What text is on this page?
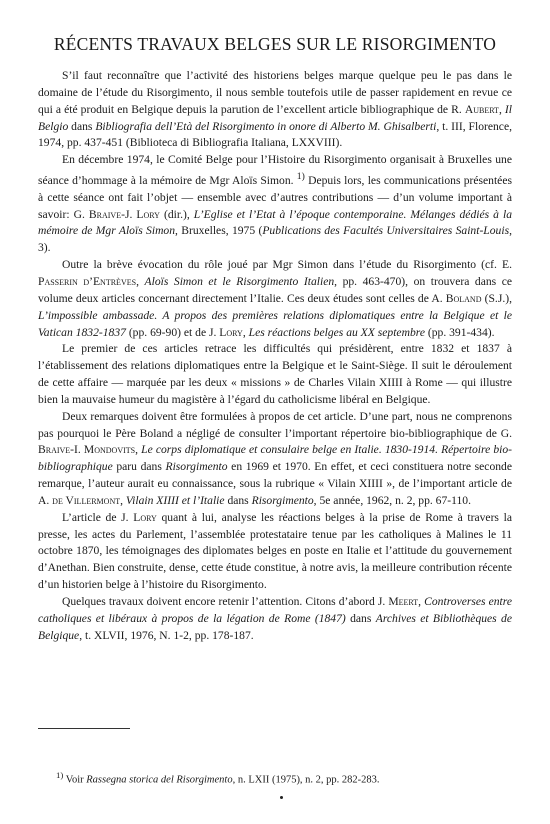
RÉCENTS TRAVAUX BELGES SUR LE RISORGIMENTO

S’il faut reconnaître que l’activité des historiens belges marque quelque peu le pas dans le domaine de l’étude du Risorgimento, il nous semble toutefois utile de passer rapidement en revue ce qui a été produit en Belgique depuis la parution de l’excellent article bibliographique de R. Aubert, Il Belgio dans Bibliografia dell’Età del Risorgimento in onore di Alberto M. Ghisalberti, t. III, Florence, 1974, pp. 437-451 (Biblioteca di Bibliografia Italiana, LXXVIII).

En décembre 1974, le Comité Belge pour l’Histoire du Risorgimento organisait à Bruxelles une séance d’hommage à la mémoire de Mgr Aloïs Simon. $^{1)}$ Depuis lors, les communications présentées à cette séance ont fait l’objet — ensemble avec d’autres contributions — d’un volume important à savoir: G. Braive-J. Lory (dir.), L’Eglise et l’Etat à l’époque contemporaine. Mélanges dédiés à la mémoire de Mgr Aloïs Simon, Bruxelles, 1975 (Publications des Facultés Universitaires Saint-Louis, 3).

Outre la brève évocation du rôle joué par Mgr Simon dans l’étude du Risorgimento (cf. E. Passerin d’Entrèves, Aloïs Simon et le Risorgimento Italien, pp. 463-470), on trouvera dans ce volume deux articles concernant directement l’Italie. Ces deux études sont celles de A. Boland (S.J.), L’impossible ambassade. A propos des premières relations diplomatiques entre la Belgique et le Vatican 1832-1837 (pp. 69-90) et de J. Lory, Les réactions belges au XX septembre (pp. 391-434).

Le premier de ces articles retrace les difficultés qui présidèrent, entre 1832 et 1837 à l’établissement des relations diplomatiques entre la Belgique et le Saint-Siège. Il suit le déroulement de cette affaire — marquée par les deux « missions » de Charles Vilain XIIII à Rome — qui illustre bien la mauvaise humeur du magistère à l’égard du catholicisme libéral en Belgique.

Deux remarques doivent être formulées à propos de cet article. D’une part, nous ne comprenons pas pourquoi le Père Boland a négligé de consulter l’important répertoire bio-bibliographique de G. Braive-I. Mondovits, Le corps diplomatique et consulaire belge en Italie. 1830-1914. Répertoire bio-bibliographique paru dans Risorgimento en 1969 et 1970. En effet, et ceci constituera notre seconde remarque, l’auteur aurait eu connaissance, sous la rubrique « Vilain XIIII », de l’important article de A. de Villermont, Vilain XIIII et l’Italie dans Risorgimento, 5e année, 1962, n. 2, pp. 67-110.

L’article de J. Lory quant à lui, analyse les réactions belges à la prise de Rome à travers la presse, les actes du Parlement, l’assemblée protestataire tenue par les catholiques à Malines le 11 octobre 1870, les témoignages des diplomates belges en poste en Italie et l’attitude du gouvernement d’Anethan. Bien construite, dense, cette étude constitue, à notre avis, la meilleure contribution récente d’un historien belge à l’histoire du Risorgimento.

Quelques travaux doivent encore retenir l’attention. Citons d’abord J. Meert, Controverses entre catholiques et libéraux à propos de la légation de Rome (1847) dans Archives et Bibliothèques de Belgique, t. XLVII, 1976, N. 1-2, pp. 178-187.

$^{1)}$ Voir Rassegna storica del Risorgimento, n. LXII (1975), n. 2, pp. 282-283.
